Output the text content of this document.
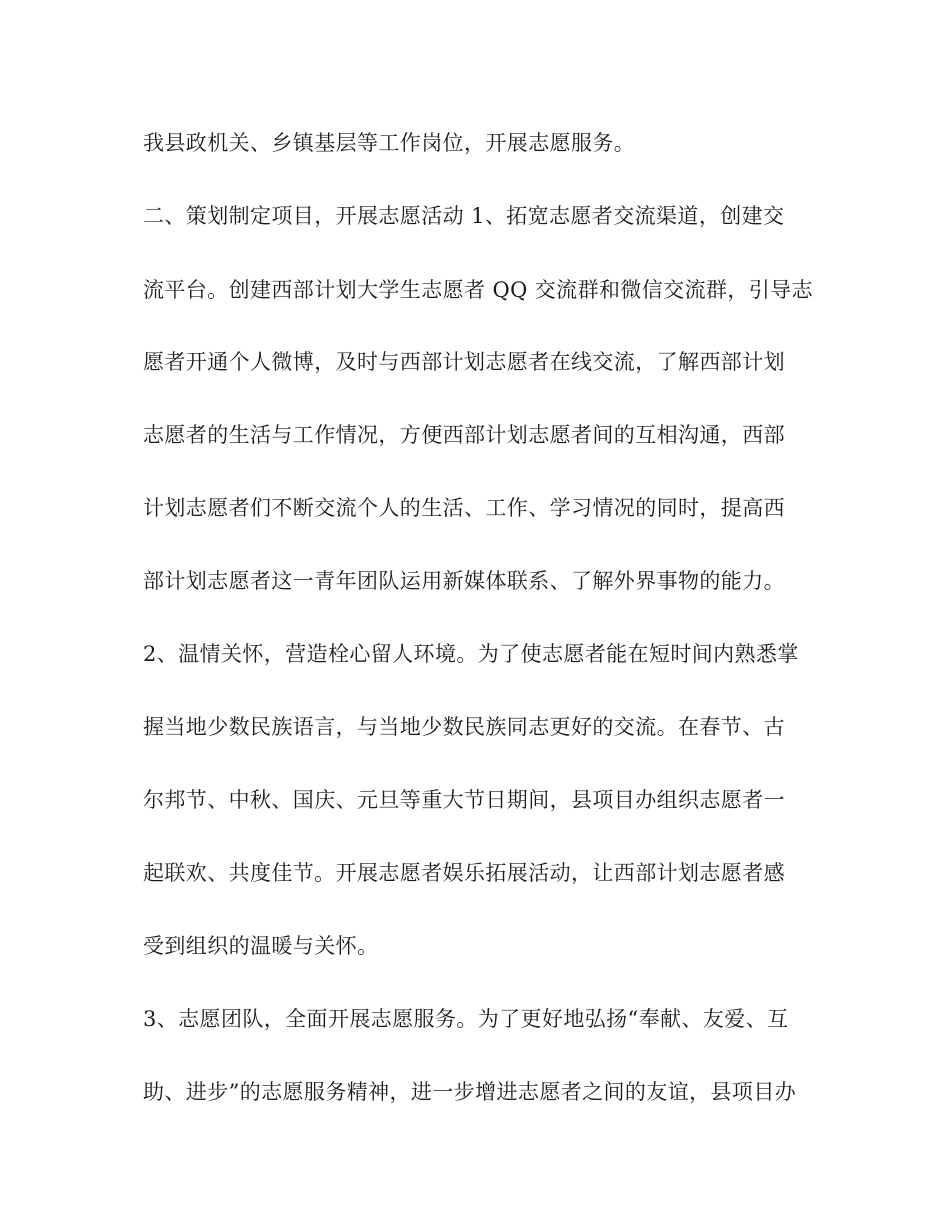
我县政机关、乡镇基层等工作岗位，开展志愿服务。
二、策划制定项目，开展志愿活动 1、拓宽志愿者交流渠道，创建交
流平台。创建西部计划大学生志愿者 QQ 交流群和微信交流群，引导志
愿者开通个人微博，及时与西部计划志愿者在线交流，了解西部计划
志愿者的生活与工作情况，方便西部计划志愿者间的互相沟通，西部
计划志愿者们不断交流个人的生活、工作、学习情况的同时，提高西
部计划志愿者这一青年团队运用新媒体联系、了解外界事物的能力。
2、温情关怀，营造栓心留人环境。为了使志愿者能在短时间内熟悉掌
握当地少数民族语言，与当地少数民族同志更好的交流。在春节、古
尔邦节、中秋、国庆、元旦等重大节日期间，县项目办组织志愿者一
起联欢、共度佳节。开展志愿者娱乐拓展活动，让西部计划志愿者感
受到组织的温暖与关怀。
3、志愿团队，全面开展志愿服务。为了更好地弘扬“奉献、友爱、互
助、进步”的志愿服务精神，进一步增进志愿者之间的友谊，县项目办
